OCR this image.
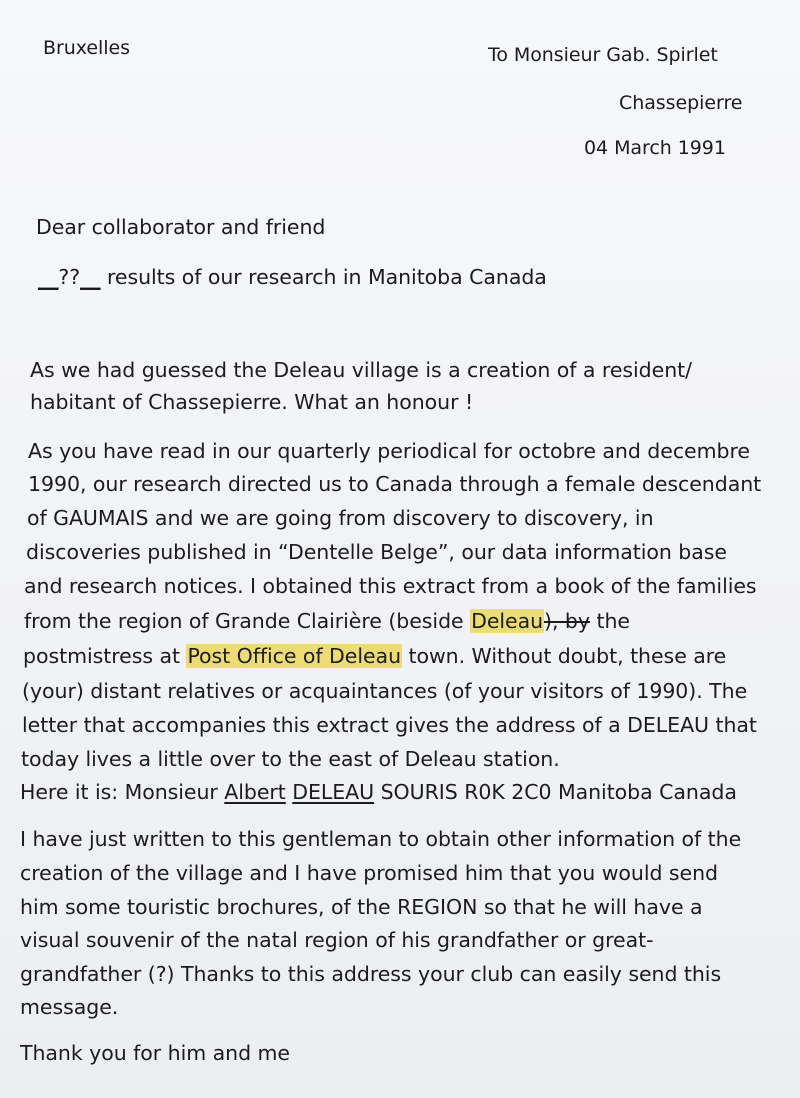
Bruxelles	To Monsieur Gab. Spirlet
Chassepierre
04 March 1991
Dear collaborator and friend
__??__ results of our research in Manitoba Canada
As we had guessed the Deleau village is a creation of a resident/
habitant of Chassepierre. What an honour !
As you have read in our quarterly periodical for octobre and decembre
1990, our research directed us to Canada through a female descendant
of GAUMAIS and we are going from discovery to discovery, in
discoveries published in “Dentelle Belge”, our data information base
and research notices. I obtained this extract from a book of the families
from the region of Grande Clairière (beside Deleau), by the
postmistress at Post Office of Deleau town. Without doubt, these are
(your) distant relatives or acquaintances (of your visitors of 1990). The
letter that accompanies this extract gives the address of a DELEAU that
today lives a little over to the east of Deleau station.
Here it is: Monsieur Albert DELEAU SOURIS R0K 2C0 Manitoba Canada
I have just written to this gentleman to obtain other information of the
creation of the village and I have promised him that you would send
him some touristic brochures, of the REGION so that he will have a
visual souvenir of the natal region of his grandfather or great-
grandfather (?) Thanks to this address your club can easily send this
message.
Thank you for him and me
